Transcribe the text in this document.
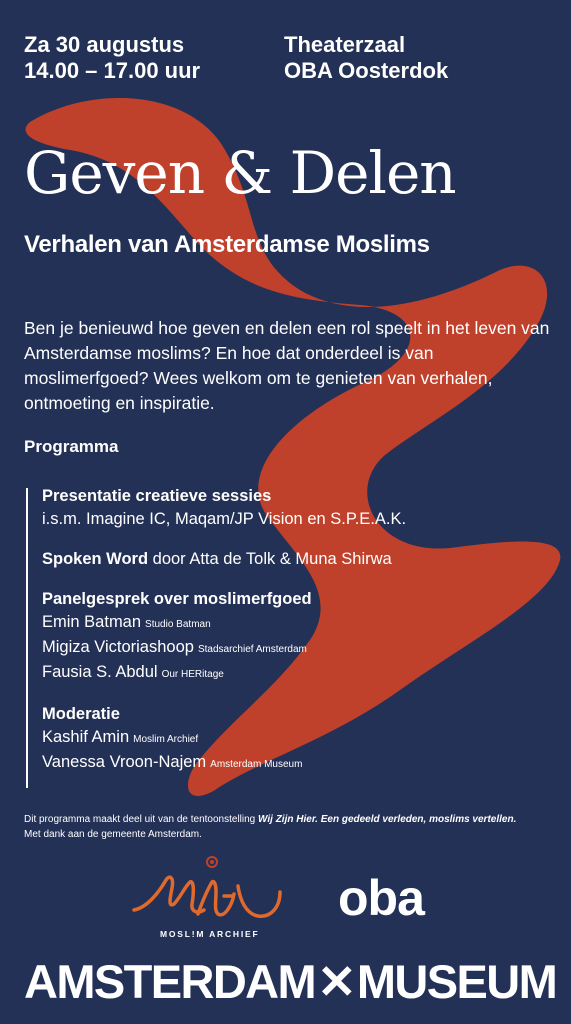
Za 30 augustus
14.00 – 17.00 uur
Theaterzaal
OBA Oosterdok
Geven & Delen
Verhalen van Amsterdamse Moslims

Ben je benieuwd hoe geven en delen een rol speelt in het leven van Amsterdamse moslims? En hoe dat onderdeel is van moslimerfgoed? Wees welkom om te genieten van verhalen, ontmoeting en inspiratie.

Programma
Presentatie creatieve sessies
i.s.m. Imagine IC, Maqam/JP Vision en S.P.E.A.K.
Spoken Word door Atta de Tolk & Muna Shirwa
Panelgesprek over moslimerfgoed
Emin Batman Studio Batman
Migiza Victoriashoop Stadsarchief Amsterdam
Fausia S. Abdul Our HERitage
Moderatie
Kashif Amin Moslim Archief
Vanessa Vroon-Najem Amsterdam Museum
Dit programma maakt deel uit van de tentoonstelling Wij Zijn Hier. Een gedeeld verleden, moslims vertellen.
Met dank aan de gemeente Amsterdam.
MOSL!M ARCHIEF
oba
AMSTERDAM✕MUSEUM
